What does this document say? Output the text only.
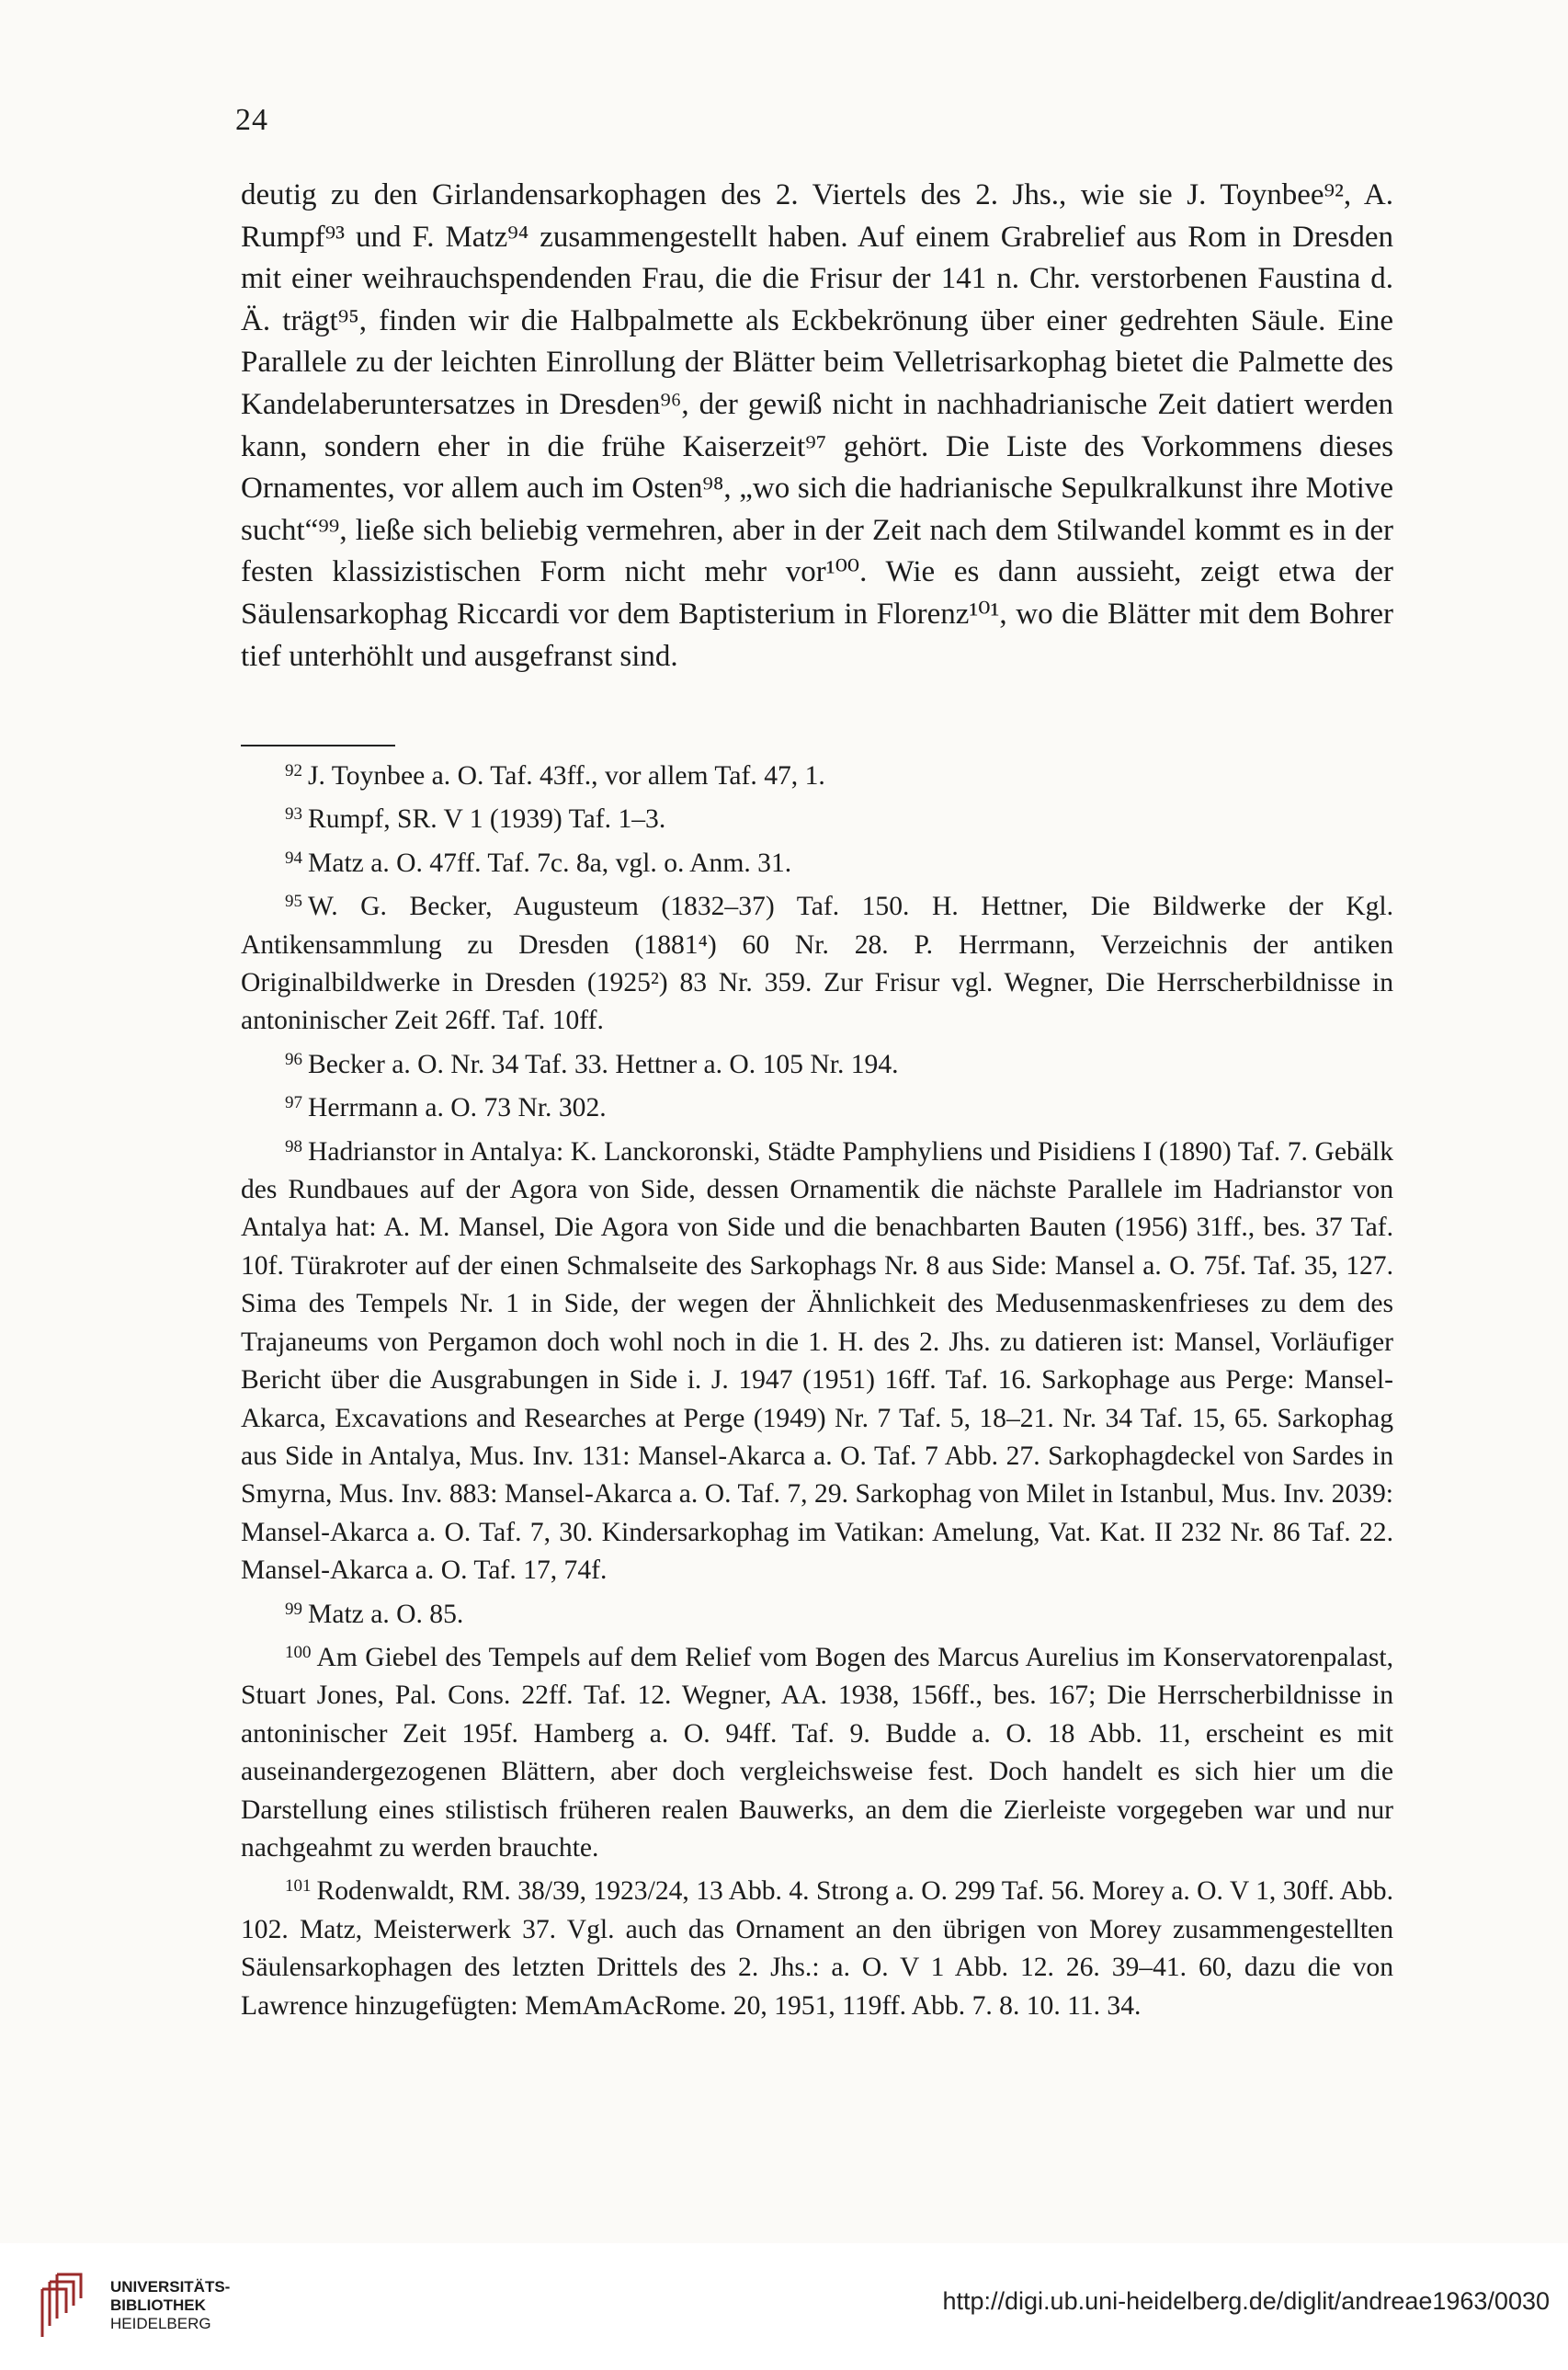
24

deutig zu den Girlandensarkophagen des 2. Viertels des 2. Jhs., wie sie J. Toynbee⁹², A. Rumpf⁹³ und F. Matz⁹⁴ zusammengestellt haben. Auf einem Grabrelief aus Rom in Dresden mit einer weihrauchspendenden Frau, die die Frisur der 141 n. Chr. verstorbenen Faustina d. Ä. trägt⁹⁵, finden wir die Halbpalmette als Eckbekrönung über einer gedrehten Säule. Eine Parallele zu der leichten Einrollung der Blätter beim Velletrisarkophag bietet die Palmette des Kandelaberuntersatzes in Dresden⁹⁶, der gewiß nicht in nachhadrianische Zeit datiert werden kann, sondern eher in die frühe Kaiserzeit⁹⁷ gehört. Die Liste des Vorkommens dieses Ornamentes, vor allem auch im Osten⁹⁸, „wo sich die hadrianische Sepulkralkunst ihre Motive sucht“⁹⁹, ließe sich beliebig vermehren, aber in der Zeit nach dem Stilwandel kommt es in der festen klassizistischen Form nicht mehr vor¹⁰⁰. Wie es dann aussieht, zeigt etwa der Säulensarkophag Riccardi vor dem Baptisterium in Florenz¹⁰¹, wo die Blätter mit dem Bohrer tief unterhöhlt und ausgefranst sind.

$^{92}$ J. Toynbee a. O. Taf. 43ff., vor allem Taf. 47, 1.

$^{93}$ Rumpf, SR. V 1 (1939) Taf. 1–3.

$^{94}$ Matz a. O. 47ff. Taf. 7c. 8a, vgl. o. Anm. 31.

$^{95}$ W. G. Becker, Augusteum (1832–37) Taf. 150. H. Hettner, Die Bildwerke der Kgl. Antikensammlung zu Dresden (1881⁴) 60 Nr. 28. P. Herrmann, Verzeichnis der antiken Originalbildwerke in Dresden (1925²) 83 Nr. 359. Zur Frisur vgl. Wegner, Die Herrscherbildnisse in antoninischer Zeit 26ff. Taf. 10ff.

$^{96}$ Becker a. O. Nr. 34 Taf. 33. Hettner a. O. 105 Nr. 194.

$^{97}$ Herrmann a. O. 73 Nr. 302.

$^{98}$ Hadrianstor in Antalya: K. Lanckoronski, Städte Pamphyliens und Pisidiens I (1890) Taf. 7. Gebälk des Rundbaues auf der Agora von Side, dessen Ornamentik die nächste Parallele im Hadrianstor von Antalya hat: A. M. Mansel, Die Agora von Side und die benachbarten Bauten (1956) 31ff., bes. 37 Taf. 10f. Türakroter auf der einen Schmalseite des Sarkophags Nr. 8 aus Side: Mansel a. O. 75f. Taf. 35, 127. Sima des Tempels Nr. 1 in Side, der wegen der Ähnlichkeit des Medusenmaskenfrieses zu dem des Trajaneums von Pergamon doch wohl noch in die 1. H. des 2. Jhs. zu datieren ist: Mansel, Vorläufiger Bericht über die Ausgrabungen in Side i. J. 1947 (1951) 16ff. Taf. 16. Sarkophage aus Perge: Mansel-Akarca, Excavations and Researches at Perge (1949) Nr. 7 Taf. 5, 18–21. Nr. 34 Taf. 15, 65. Sarkophag aus Side in Antalya, Mus. Inv. 131: Mansel-Akarca a. O. Taf. 7 Abb. 27. Sarkophagdeckel von Sardes in Smyrna, Mus. Inv. 883: Mansel-Akarca a. O. Taf. 7, 29. Sarkophag von Milet in Istanbul, Mus. Inv. 2039: Mansel-Akarca a. O. Taf. 7, 30. Kindersarkophag im Vatikan: Amelung, Vat. Kat. II 232 Nr. 86 Taf. 22. Mansel-Akarca a. O. Taf. 17, 74f.

$^{99}$ Matz a. O. 85.

$^{100}$ Am Giebel des Tempels auf dem Relief vom Bogen des Marcus Aurelius im Konservatorenpalast, Stuart Jones, Pal. Cons. 22ff. Taf. 12. Wegner, AA. 1938, 156ff., bes. 167; Die Herrscherbildnisse in antoninischer Zeit 195f. Hamberg a. O. 94ff. Taf. 9. Budde a. O. 18 Abb. 11, erscheint es mit auseinandergezogenen Blättern, aber doch vergleichsweise fest. Doch handelt es sich hier um die Darstellung eines stilistisch früheren realen Bauwerks, an dem die Zierleiste vorgegeben war und nur nachgeahmt zu werden brauchte.

$^{101}$ Rodenwaldt, RM. 38/39, 1923/24, 13 Abb. 4. Strong a. O. 299 Taf. 56. Morey a. O. V 1, 30ff. Abb. 102. Matz, Meisterwerk 37. Vgl. auch das Ornament an den übrigen von Morey zusammengestellten Säulensarkophagen des letzten Drittels des 2. Jhs.: a. O. V 1 Abb. 12. 26. 39–41. 60, dazu die von Lawrence hinzugefügten: MemAmAcRome. 20, 1951, 119ff. Abb. 7. 8. 10. 11. 34.

UNIVERSITÄTS-
BIBLIOTHEK
HEIDELBERG
http://digi.ub.uni-heidelberg.de/diglit/andreae1963/0030
